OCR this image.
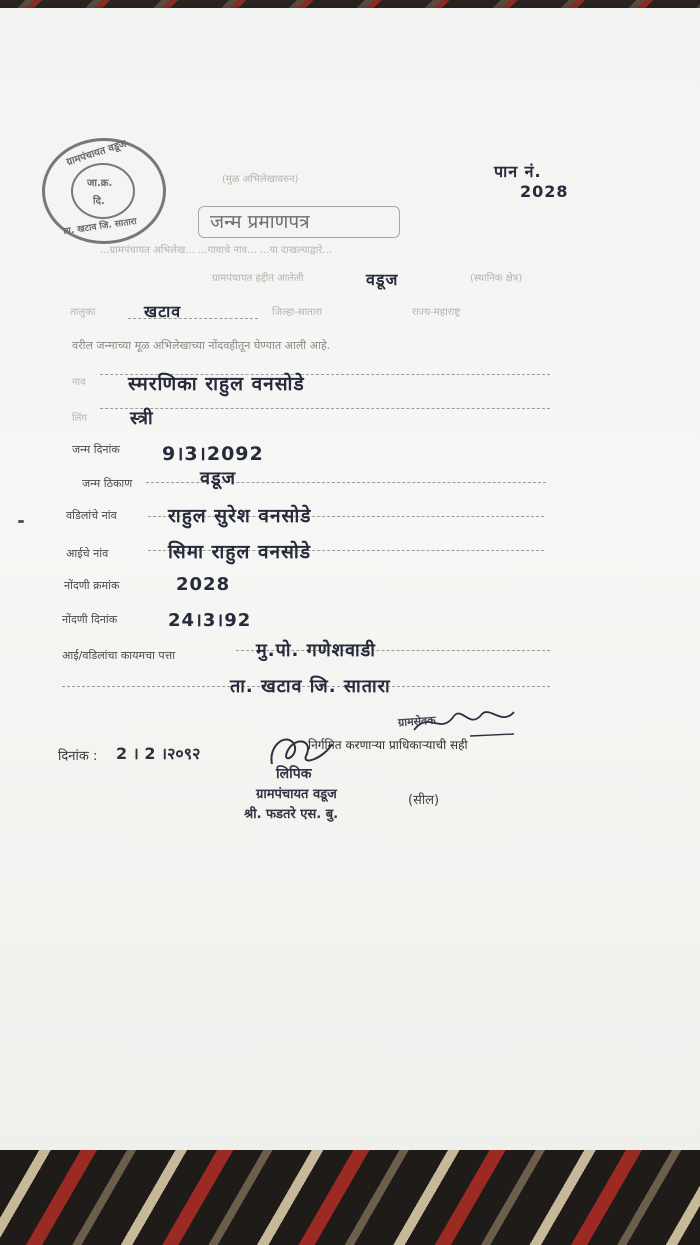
ग्रामपंचायत वडूज
जा.क्र.
दि.
ता. खटाव जि. सातारा
(मुळ अभिलेखावरुन)
जन्म प्रमाणपत्र
पान नं.
2028
...ग्रामपंचायत अभिलेख... ...गावाचे नाव... ...या दाखल्याद्वारे...
ग्रामपंचायत हद्दीत आलेली	वडूज	(स्थानिक क्षेत्र)
तालुका	खटाव	जिल्हा-सातारा	राज्य-महाराष्ट्र
वरील जन्माच्या मूळ अभिलेखाच्या नोंदवहीतून घेण्यात आली आहे.
नाव स्मरणिका राहुल वनसोडे
लिंग स्त्री
जन्म दिनांक 9।3।2092
जन्म ठिकाण	वडूज
वडिलांचे नांव	राहुल सुरेश वनसोडे
आईचे नांव	सिमा राहुल वनसोडे
नोंदणी क्रमांक	2028
नोंदणी दिनांक	24।3।92
आई/वडिलांचा कायमचा पत्ता	मु.पो. गणेशवाडी
ता. खटाव जि. सातारा
दिनांक : 2 । 2 ।२०९२	निर्गमित करणाऱ्या प्राधिकाऱ्याची सही
ग्रामसेवक
लिपिक
ग्रामपंचायत वडूज
श्री. फडतरे एस. बु.
(सील)
